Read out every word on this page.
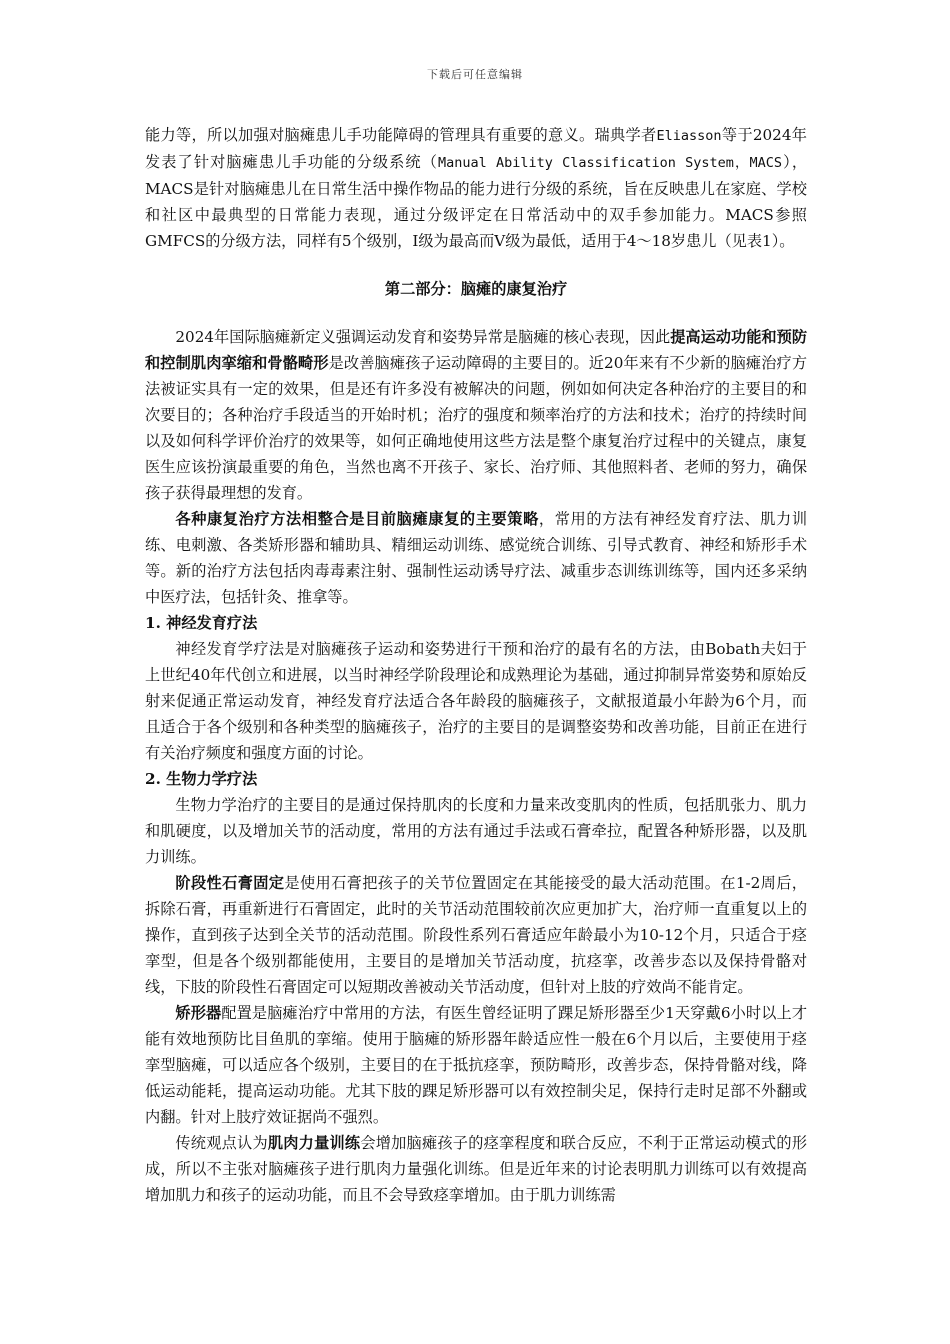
下载后可任意编辑

能力等，所以加强对脑瘫患儿手功能障碍的管理具有重要的意义。瑞典学者Eliasson等于2024年发表了针对脑瘫患儿手功能的分级系统（Manual Ability Classification System，MACS），MACS是针对脑瘫患儿在日常生活中操作物品的能力进行分级的系统，旨在反映患儿在家庭、学校和社区中最典型的日常能力表现，通过分级评定在日常活动中的双手参加能力。MACS参照GMFCS的分级方法，同样有5个级别，Ⅰ级为最高而Ⅴ级为最低，适用于4～18岁患儿（见表1）。

第二部分：脑瘫的康复治疗

2024年国际脑瘫新定义强调运动发育和姿势异常是脑瘫的核心表现，因此提高运动功能和预防和控制肌肉挛缩和骨骼畸形是改善脑瘫孩子运动障碍的主要目的。近20年来有不少新的脑瘫治疗方法被证实具有一定的效果，但是还有许多没有被解决的问题，例如如何决定各种治疗的主要目的和次要目的；各种治疗手段适当的开始时机；治疗的强度和频率治疗的方法和技术；治疗的持续时间以及如何科学评价治疗的效果等，如何正确地使用这些方法是整个康复治疗过程中的关键点，康复医生应该扮演最重要的角色，当然也离不开孩子、家长、治疗师、其他照料者、老师的努力，确保孩子获得最理想的发育。

各种康复治疗方法相整合是目前脑瘫康复的主要策略，常用的方法有神经发育疗法、肌力训练、电刺激、各类矫形器和辅助具、精细运动训练、感觉统合训练、引导式教育、神经和矫形手术等。新的治疗方法包括肉毒毒素注射、强制性运动诱导疗法、减重步态训练训练等，国内还多采纳中医疗法，包括针灸、推拿等。

1. 神经发育疗法

神经发育学疗法是对脑瘫孩子运动和姿势进行干预和治疗的最有名的方法，由Bobath夫妇于上世纪40年代创立和进展，以当时神经学阶段理论和成熟理论为基础，通过抑制异常姿势和原始反射来促通正常运动发育，神经发育疗法适合各年龄段的脑瘫孩子，文献报道最小年龄为6个月，而且适合于各个级别和各种类型的脑瘫孩子，治疗的主要目的是调整姿势和改善功能，目前正在进行有关治疗频度和强度方面的讨论。

2. 生物力学疗法

生物力学治疗的主要目的是通过保持肌肉的长度和力量来改变肌肉的性质，包括肌张力、肌力和肌硬度，以及增加关节的活动度，常用的方法有通过手法或石膏牵拉，配置各种矫形器，以及肌力训练。

阶段性石膏固定是使用石膏把孩子的关节位置固定在其能接受的最大活动范围。在1-2周后，拆除石膏，再重新进行石膏固定，此时的关节活动范围较前次应更加扩大，治疗师一直重复以上的操作，直到孩子达到全关节的活动范围。阶段性系列石膏适应年龄最小为10-12个月，只适合于痉挛型，但是各个级别都能使用，主要目的是增加关节活动度，抗痉挛，改善步态以及保持骨骼对线，下肢的阶段性石膏固定可以短期改善被动关节活动度，但针对上肢的疗效尚不能肯定。

矫形器配置是脑瘫治疗中常用的方法，有医生曾经证明了踝足矫形器至少1天穿戴6小时以上才能有效地预防比目鱼肌的挛缩。使用于脑瘫的矫形器年龄适应性一般在6个月以后，主要使用于痉挛型脑瘫，可以适应各个级别，主要目的在于抵抗痉挛，预防畸形，改善步态，保持骨骼对线，降低运动能耗，提高运动功能。尤其下肢的踝足矫形器可以有效控制尖足，保持行走时足部不外翻或内翻。针对上肢疗效证据尚不强烈。

传统观点认为肌肉力量训练会增加脑瘫孩子的痉挛程度和联合反应，不利于正常运动模式的形成，所以不主张对脑瘫孩子进行肌肉力量强化训练。但是近年来的讨论表明肌力训练可以有效提高增加肌力和孩子的运动功能，而且不会导致痉挛增加。由于肌力训练需
